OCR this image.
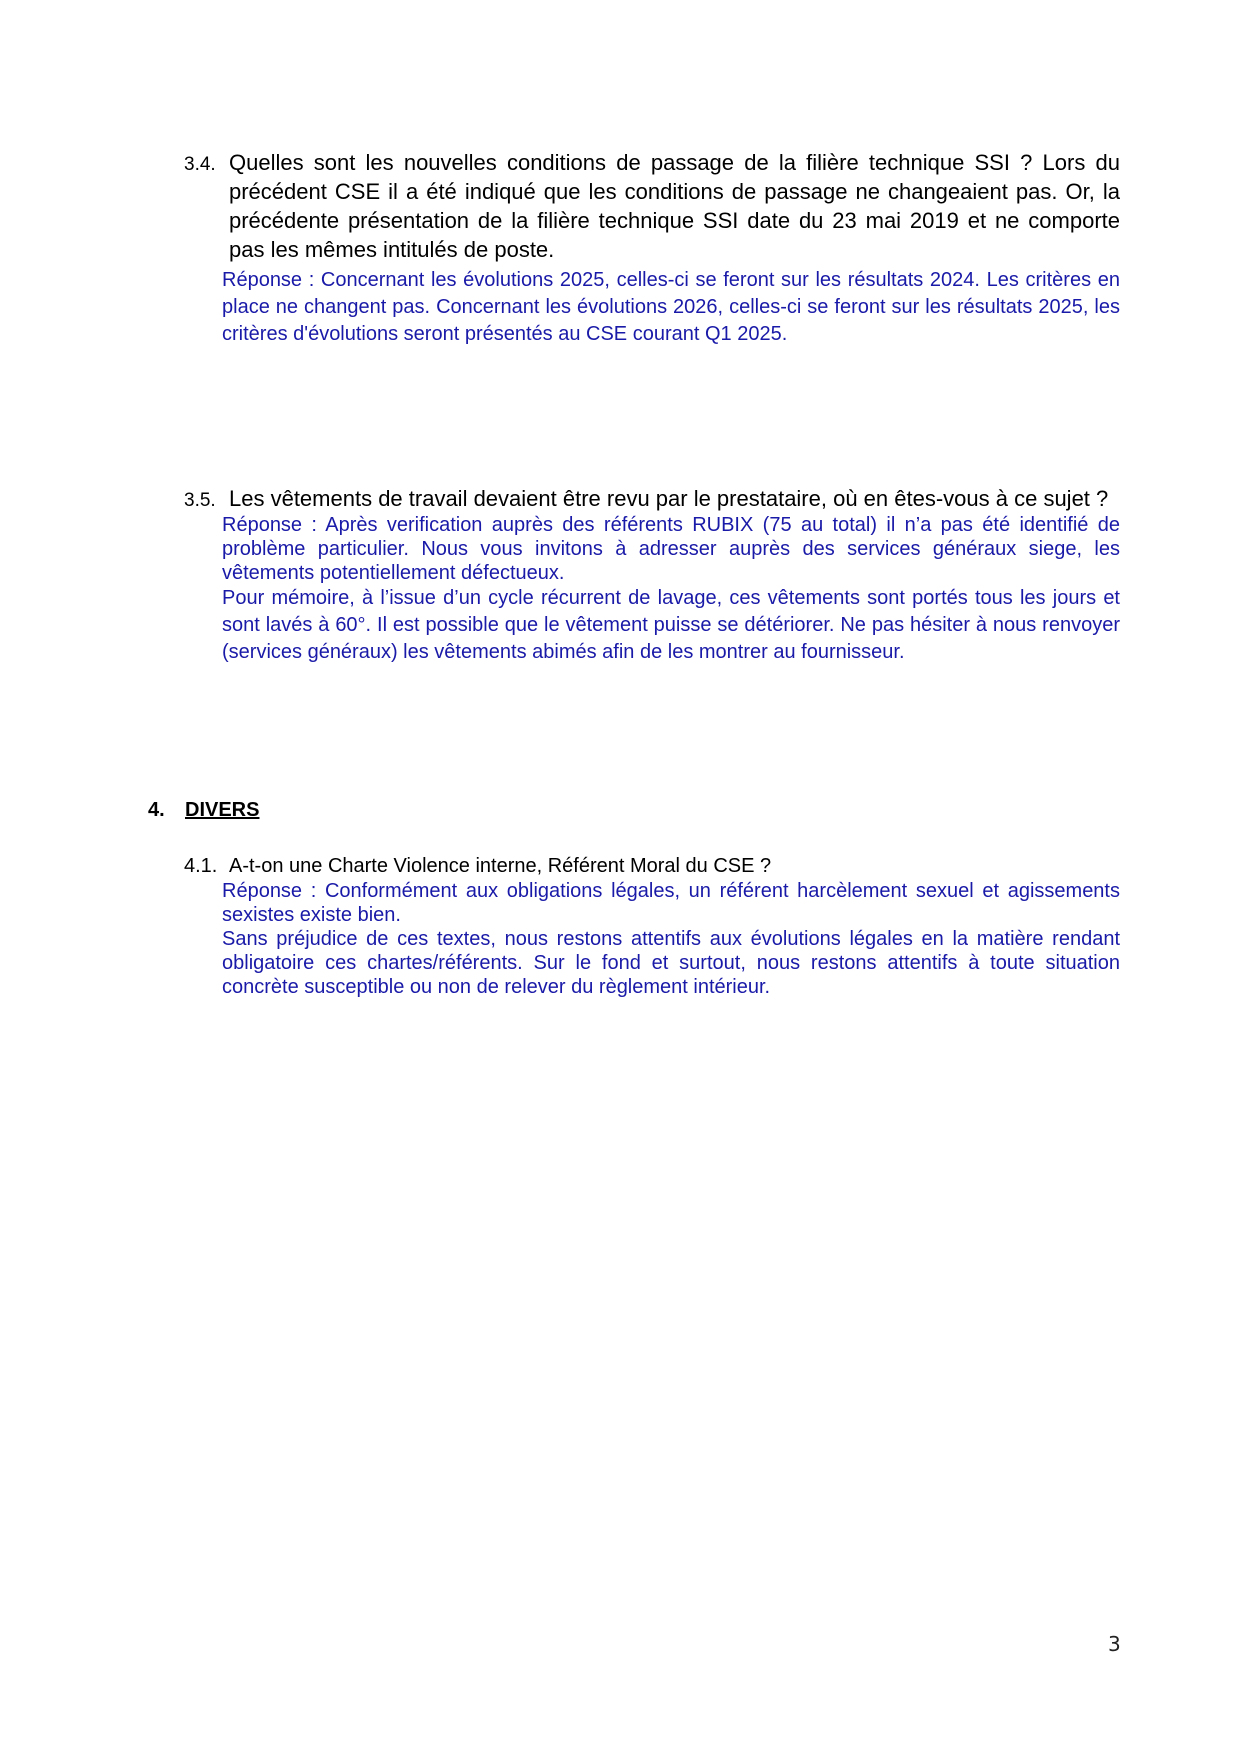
3.4. Quelles sont les nouvelles conditions de passage de la filière technique SSI ? Lors du précédent CSE il a été indiqué que les conditions de passage ne changeaient pas. Or, la précédente présentation de la filière technique SSI date du 23 mai 2019 et ne comporte pas les mêmes intitulés de poste.

Réponse : Concernant les évolutions 2025, celles-ci se feront sur les résultats 2024. Les critères en place ne changent pas. Concernant les évolutions 2026, celles-ci se feront sur les résultats 2025, les critères d'évolutions seront présentés au CSE courant Q1 2025.

3.5. Les vêtements de travail devaient être revu par le prestataire, où en êtes-vous à ce sujet ?

Réponse : Après verification auprès des référents RUBIX (75 au total) il n’a pas été identifié de problème particulier. Nous vous invitons à adresser auprès des services généraux siege, les vêtements potentiellement défectueux.

Pour mémoire, à l’issue d’un cycle récurrent de lavage, ces vêtements sont portés tous les jours et sont lavés à 60°. Il est possible que le vêtement puisse se détériorer. Ne pas hésiter à nous renvoyer (services généraux) les vêtements abimés afin de les montrer au fournisseur.

4. DIVERS
4.1. A-t-on une Charte Violence interne, Référent Moral du CSE ?

Réponse : Conformément aux obligations légales, un référent harcèlement sexuel et agissements sexistes existe bien.

Sans préjudice de ces textes, nous restons attentifs aux évolutions légales en la matière rendant obligatoire ces chartes/référents. Sur le fond et surtout, nous restons attentifs à toute situation concrète susceptible ou non de relever du règlement intérieur.

3
